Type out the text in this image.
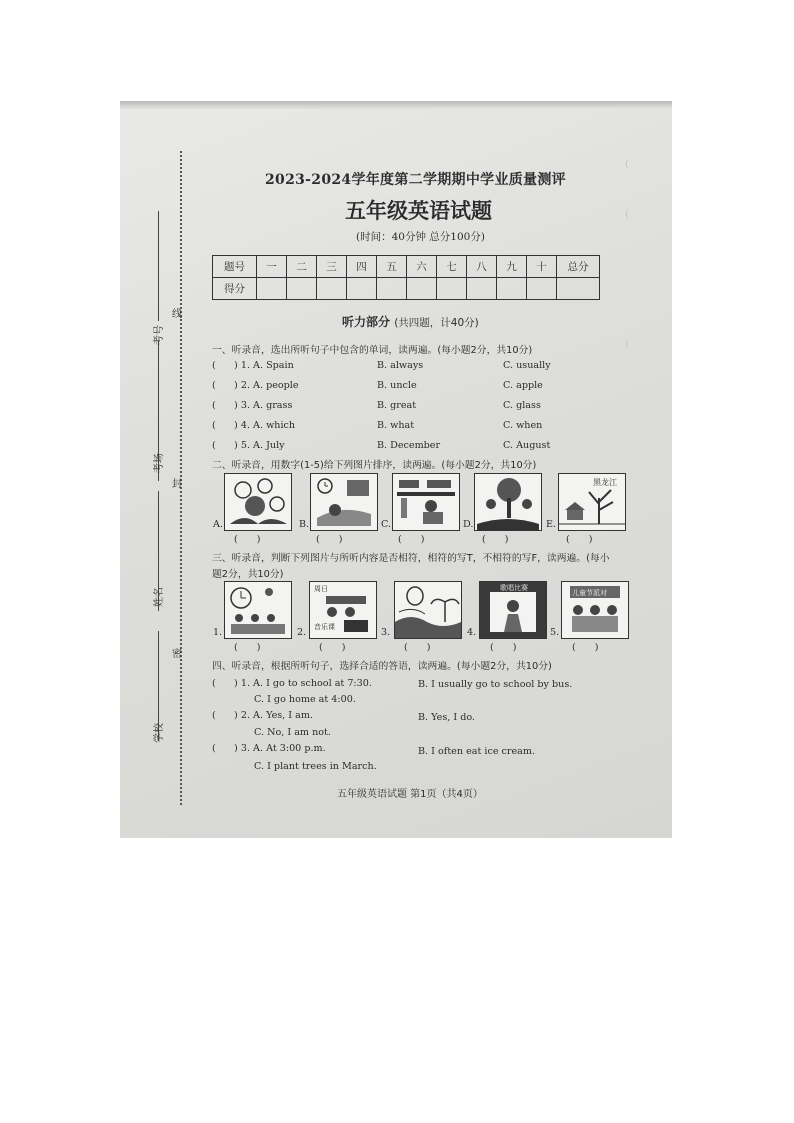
(
(
(
考号
线
考场
封
姓名
密
学校
2023-2024学年度第二学期期中学业质量测评
五年级英语试题
(时间：40分钟 总分100分)
题号	一	二	三	四	五	六	七	八	九	十	总分
得分											
听力部分 (共四题，计40分)
一、听录音，选出所听句子中包含的单词，读两遍。(每小题2分，共10分)
(      ) 1. A. Spain	B. always	C. usually
(      ) 2. A. people	B. uncle	C. apple
(      ) 3. A. grass	B. great	C. glass
(      ) 4. A. which	B. what	C. when
(      ) 5. A. July	B. December	C. August
二、听录音，用数字(1-5)给下列图片排序，读两遍。(每小题2分，共10分)
A.	B.	C.	D.	E.
黑龙江
( )	( )	( )	( )	( )
三、听录音，判断下列图片与所听内容是否相符，相符的写T，不相符的写F，读两遍。(每小
题2分，共10分)
1.	2.
周日
音乐课	3.	4.
歌唱比赛
5.
儿童节派对
( )	( )	( )	( )	( )
四、听录音，根据所听句子，选择合适的答语，读两遍。(每小题2分，共10分)
(      ) 1. A. I go to school at 7:30.	B. I usually go to school by bus.
C. I go home at 4:00.
(      ) 2. A. Yes, I am.	B. Yes, I do.
C. No, I am not.
(      ) 3. A. At 3:00 p.m.	B. I often eat ice cream.
C. I plant trees in March.
五年级英语试题 第1页（共4页）
